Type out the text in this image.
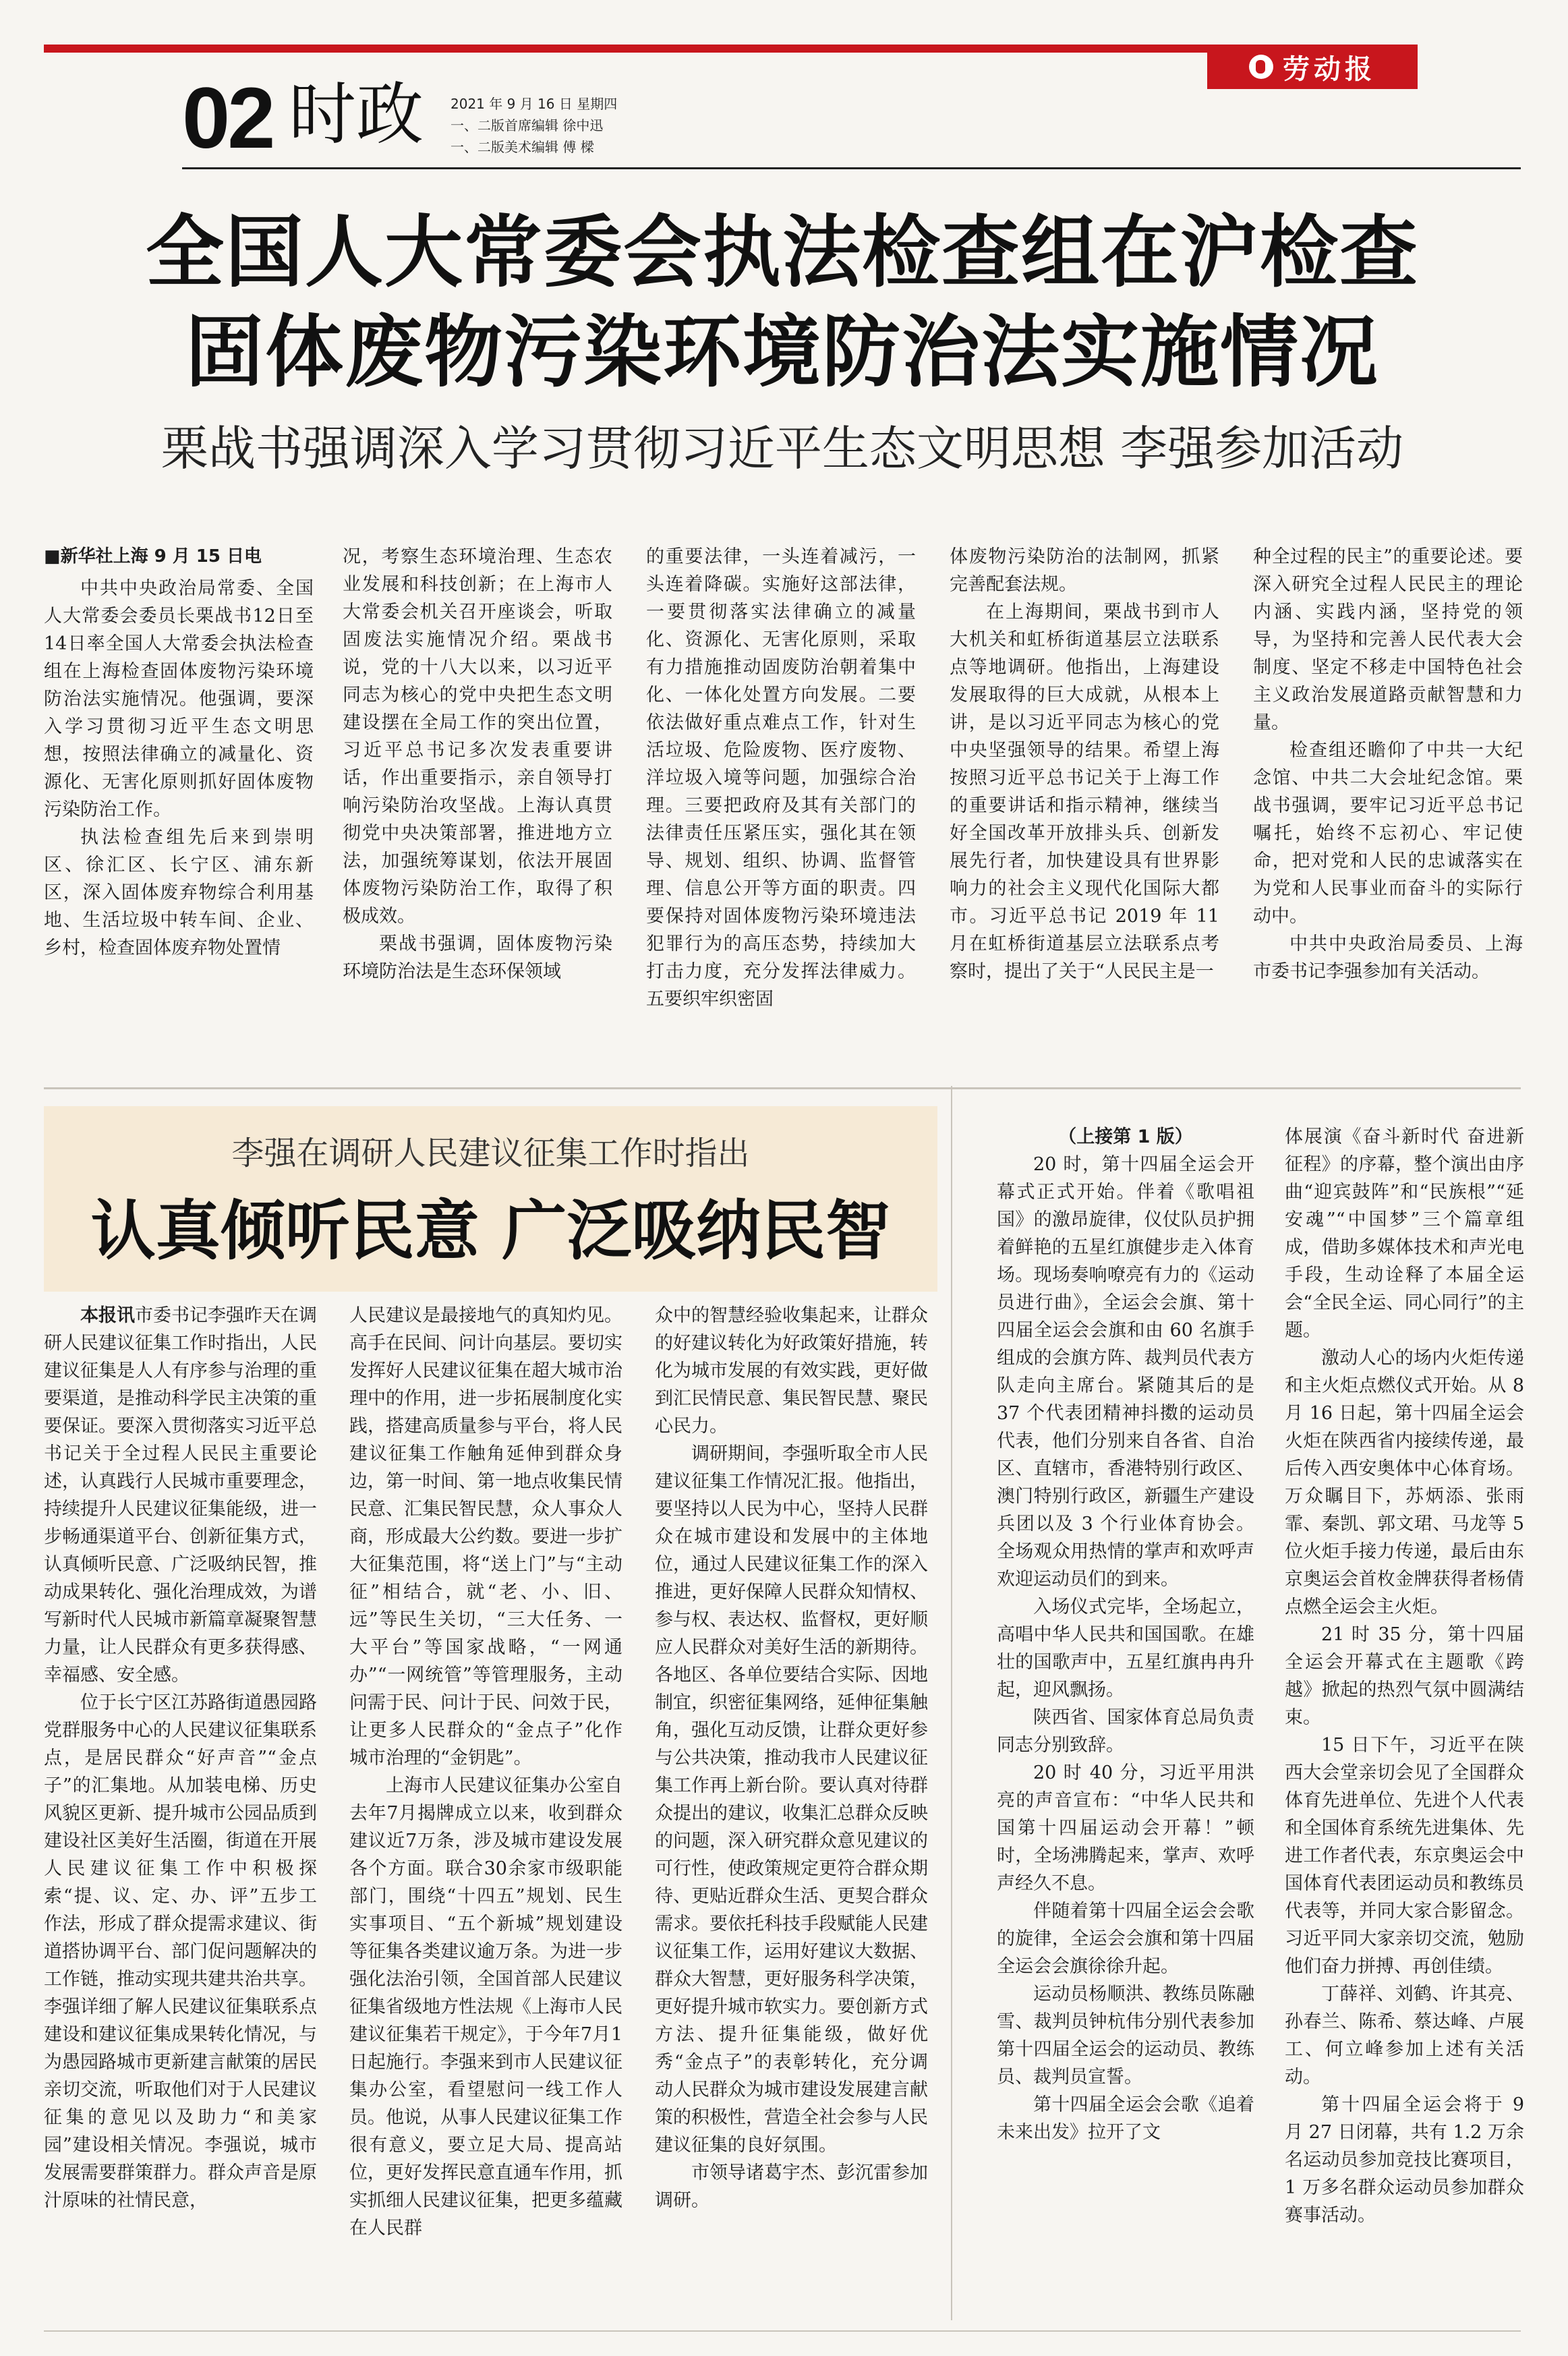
劳动报
02 时政 2021 年 9 月 16 日 星期四
一、二版首席编辑 徐中迅
一、二版美术编辑 傅 樑
全国人大常委会执法检查组在沪检查
固体废物污染环境防治法实施情况
栗战书强调深入学习贯彻习近平生态文明思想 李强参加活动
■新华社上海 9 月 15 日电

中共中央政治局常委、全国人大常委会委员长栗战书12日至14日率全国人大常委会执法检查组在上海检查固体废物污染环境防治法实施情况。他强调，要深入学习贯彻习近平生态文明思想，按照法律确立的减量化、资源化、无害化原则抓好固体废物污染防治工作。

执法检查组先后来到崇明区、徐汇区、长宁区、浦东新区，深入固体废弃物综合利用基地、生活垃圾中转车间、企业、乡村，检查固体废弃物处置情

况，考察生态环境治理、生态农业发展和科技创新；在上海市人大常委会机关召开座谈会，听取固废法实施情况介绍。栗战书说，党的十八大以来，以习近平同志为核心的党中央把生态文明建设摆在全局工作的突出位置，习近平总书记多次发表重要讲话，作出重要指示，亲自领导打响污染防治攻坚战。上海认真贯彻党中央决策部署，推进地方立法，加强统筹谋划，依法开展固体废物污染防治工作，取得了积极成效。

栗战书强调，固体废物污染环境防治法是生态环保领域

的重要法律，一头连着减污，一头连着降碳。实施好这部法律，一要贯彻落实法律确立的减量化、资源化、无害化原则，采取有力措施推动固废防治朝着集中化、一体化处置方向发展。二要依法做好重点难点工作，针对生活垃圾、危险废物、医疗废物、洋垃圾入境等问题，加强综合治理。三要把政府及其有关部门的法律责任压紧压实，强化其在领导、规划、组织、协调、监督管理、信息公开等方面的职责。四要保持对固体废物污染环境违法犯罪行为的高压态势，持续加大打击力度，充分发挥法律威力。五要织牢织密固

体废物污染防治的法制网，抓紧完善配套法规。

在上海期间，栗战书到市人大机关和虹桥街道基层立法联系点等地调研。他指出，上海建设发展取得的巨大成就，从根本上讲，是以习近平同志为核心的党中央坚强领导的结果。希望上海按照习近平总书记关于上海工作的重要讲话和指示精神，继续当好全国改革开放排头兵、创新发展先行者，加快建设具有世界影响力的社会主义现代化国际大都市。习近平总书记 2019 年 11 月在虹桥街道基层立法联系点考察时，提出了关于“人民民主是一

种全过程的民主”的重要论述。要深入研究全过程人民民主的理论内涵、实践内涵，坚持党的领导，为坚持和完善人民代表大会制度、坚定不移走中国特色社会主义政治发展道路贡献智慧和力量。

检查组还瞻仰了中共一大纪念馆、中共二大会址纪念馆。栗战书强调，要牢记习近平总书记嘱托，始终不忘初心、牢记使命，把对党和人民的忠诚落实在为党和人民事业而奋斗的实际行动中。

中共中央政治局委员、上海市委书记李强参加有关活动。

李强在调研人民建议征集工作时指出
认真倾听民意 广泛吸纳民智

本报讯市委书记李强昨天在调研人民建议征集工作时指出，人民建议征集是人人有序参与治理的重要渠道，是推动科学民主决策的重要保证。要深入贯彻落实习近平总书记关于全过程人民民主重要论述，认真践行人民城市重要理念，持续提升人民建议征集能级，进一步畅通渠道平台、创新征集方式，认真倾听民意、广泛吸纳民智，推动成果转化、强化治理成效，为谱写新时代人民城市新篇章凝聚智慧力量，让人民群众有更多获得感、幸福感、安全感。

位于长宁区江苏路街道愚园路党群服务中心的人民建议征集联系点，是居民群众“好声音”“金点子”的汇集地。从加装电梯、历史风貌区更新、提升城市公园品质到建设社区美好生活圈，街道在开展人民建议征集工作中积极探索“提、议、定、办、评”五步工作法，形成了群众提需求建议、街道搭协调平台、部门促问题解决的工作链，推动实现共建共治共享。李强详细了解人民建议征集联系点建设和建议征集成果转化情况，与为愚园路城市更新建言献策的居民亲切交流，听取他们对于人民建议征集的意见以及助力“和美家园”建设相关情况。李强说，城市发展需要群策群力。群众声音是原汁原味的社情民意，

人民建议是最接地气的真知灼见。高手在民间、问计向基层。要切实发挥好人民建议征集在超大城市治理中的作用，进一步拓展制度化实践，搭建高质量参与平台，将人民建议征集工作触角延伸到群众身边，第一时间、第一地点收集民情民意、汇集民智民慧，众人事众人商，形成最大公约数。要进一步扩大征集范围，将“送上门”与“主动征”相结合，就“老、小、旧、远”等民生关切，“三大任务、一大平台”等国家战略，“一网通办”“一网统管”等管理服务，主动问需于民、问计于民、问效于民，让更多人民群众的“金点子”化作城市治理的“金钥匙”。

上海市人民建议征集办公室自去年7月揭牌成立以来，收到群众建议近7万条，涉及城市建设发展各个方面。联合30余家市级职能部门，围绕“十四五”规划、民生实事项目、“五个新城”规划建设等征集各类建议逾万条。为进一步强化法治引领，全国首部人民建议征集省级地方性法规《上海市人民建议征集若干规定》，于今年7月1日起施行。李强来到市人民建议征集办公室，看望慰问一线工作人员。他说，从事人民建议征集工作很有意义，要立足大局、提高站位，更好发挥民意直通车作用，抓实抓细人民建议征集，把更多蕴藏在人民群

众中的智慧经验收集起来，让群众的好建议转化为好政策好措施，转化为城市发展的有效实践，更好做到汇民情民意、集民智民慧、聚民心民力。

调研期间，李强听取全市人民建议征集工作情况汇报。他指出，要坚持以人民为中心，坚持人民群众在城市建设和发展中的主体地位，通过人民建议征集工作的深入推进，更好保障人民群众知情权、参与权、表达权、监督权，更好顺应人民群众对美好生活的新期待。各地区、各单位要结合实际、因地制宜，织密征集网络，延伸征集触角，强化互动反馈，让群众更好参与公共决策，推动我市人民建议征集工作再上新台阶。要认真对待群众提出的建议，收集汇总群众反映的问题，深入研究群众意见建议的可行性，使政策规定更符合群众期待、更贴近群众生活、更契合群众需求。要依托科技手段赋能人民建议征集工作，运用好建议大数据、群众大智慧，更好服务科学决策，更好提升城市软实力。要创新方式方法、提升征集能级，做好优秀“金点子”的表彰转化，充分调动人民群众为城市建设发展建言献策的积极性，营造全社会参与人民建议征集的良好氛围。

市领导诸葛宇杰、彭沉雷参加调研。

（上接第 1 版）

20 时，第十四届全运会开幕式正式开始。伴着《歌唱祖国》的激昂旋律，仪仗队员护拥着鲜艳的五星红旗健步走入体育场。现场奏响嘹亮有力的《运动员进行曲》，全运会会旗、第十四届全运会会旗和由 60 名旗手组成的会旗方阵、裁判员代表方队走向主席台。紧随其后的是 37 个代表团精神抖擞的运动员代表，他们分别来自各省、自治区、直辖市，香港特别行政区、澳门特别行政区，新疆生产建设兵团以及 3 个行业体育协会。全场观众用热情的掌声和欢呼声欢迎运动员们的到来。

入场仪式完毕，全场起立，高唱中华人民共和国国歌。在雄壮的国歌声中，五星红旗冉冉升起，迎风飘扬。

陕西省、国家体育总局负责同志分别致辞。

20 时 40 分，习近平用洪亮的声音宣布：“中华人民共和国第十四届运动会开幕！”顿时，全场沸腾起来，掌声、欢呼声经久不息。

伴随着第十四届全运会会歌的旋律，全运会会旗和第十四届全运会会旗徐徐升起。

运动员杨顺洪、教练员陈融雪、裁判员钟杭伟分别代表参加第十四届全运会的运动员、教练员、裁判员宣誓。

第十四届全运会会歌《追着未来出发》拉开了文

体展演《奋斗新时代 奋进新征程》的序幕，整个演出由序曲“迎宾鼓阵”和“民族根”“延安魂”“中国梦”三个篇章组成，借助多媒体技术和声光电手段，生动诠释了本届全运会“全民全运、同心同行”的主题。

激动人心的场内火炬传递和主火炬点燃仪式开始。从 8 月 16 日起，第十四届全运会火炬在陕西省内接续传递，最后传入西安奥体中心体育场。万众瞩目下，苏炳添、张雨霏、秦凯、郭文珺、马龙等 5 位火炬手接力传递，最后由东京奥运会首枚金牌获得者杨倩点燃全运会主火炬。

21 时 35 分，第十四届全运会开幕式在主题歌《跨越》掀起的热烈气氛中圆满结束。

15 日下午，习近平在陕西大会堂亲切会见了全国群众体育先进单位、先进个人代表和全国体育系统先进集体、先进工作者代表，东京奥运会中国体育代表团运动员和教练员代表等，并同大家合影留念。习近平同大家亲切交流，勉励他们奋力拼搏、再创佳绩。

丁薛祥、刘鹤、许其亮、孙春兰、陈希、蔡达峰、卢展工、何立峰参加上述有关活动。

第十四届全运会将于 9 月 27 日闭幕，共有 1.2 万余名运动员参加竞技比赛项目，1 万多名群众运动员参加群众赛事活动。
